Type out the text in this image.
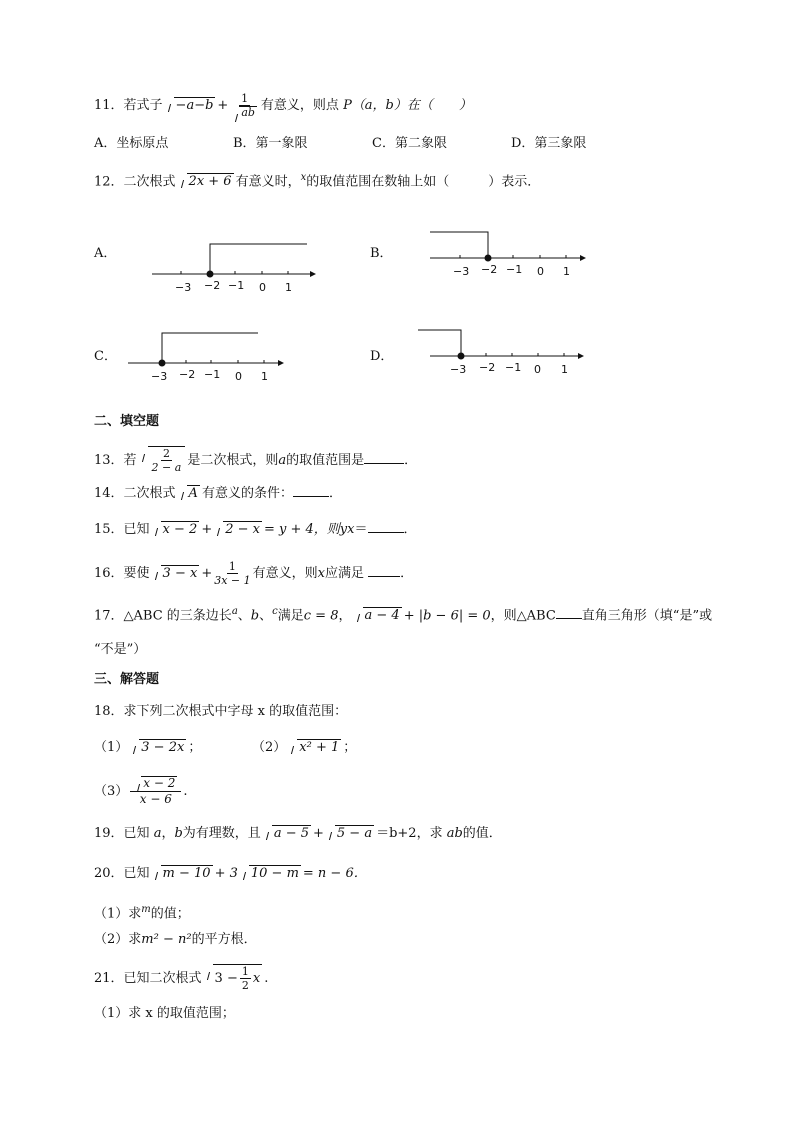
11．若式子 $-a-b + \frac{1}{ab}$ 有意义，则点 P（a，b）在（　　）
A．坐标原点	B．第一象限	C．第二象限	D．第三象限
12．二次根式 2x + 6 有意义时，$^x$的取值范围在数轴上如（　　　）表示．
A．	B．
C．	D．
−3 −2 −1 0 1
−3 −2 −1 0 1
−3 −2 −1 0 1
−3 −2 −1 0 1
二、填空题
13．若 $\frac{2}{2 - a}$ 是二次根式，则a的取值范围是	．
14．二次根式 A 有意义的条件：	．
15．已知 x − 2 + 2 − x = y + 4，则yx＝	．
16．要使 $3 - x + \frac{1}{3x - 1}$ 有意义，则x应满足	．
17．△ABC 的三条边长$^a$、b、$^c$满足c = 8， a − 4 + |b − 6| = 0，则△ABC 直角三角形（填“是”或
“不是”）
三、解答题
18．求下列二次根式中字母 x 的取值范围：
（1） 3 − 2x ；	（2） x² + 1 ；
$(3) \frac{x - 2}{x - 6}$ .
19．已知 a，b为有理数，且 a − 5 + 5 − a ＝b+2，求 ab的值．
20．已知 m − 10 + 3 10 − m = n − 6．
（1）求$^m$的值；
（2）求m² − n²的平方根．
21．已知二次根式 $3 - \frac{1}{2}$ x .
（1）求 x 的取值范围；
